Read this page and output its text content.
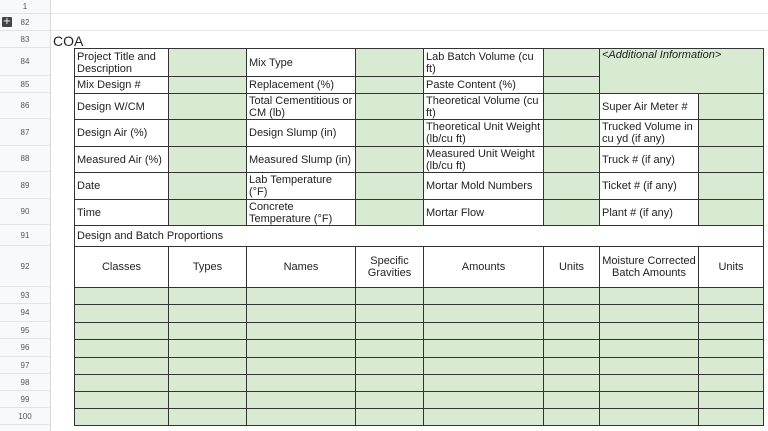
1
82
83
84
85
86
87
88
89
90
91
92
93
94
95
96
97
98
99
100
+
COA
Project Title and Description		Mix Type		Lab Batch Volume (cu ft)		<Additional Information>	
Mix Design #		Replacement (%)		Paste Content (%)			
Design W/CM		Total Cementitious or CM (lb)		Theoretical Volume (cu ft)		Super Air Meter #	
Design Air (%)		Design Slump (in)		Theoretical Unit Weight (lb/cu ft)		Trucked Volume in cu yd (if any)	
Measured Air (%)		Measured Slump (in)		Measured Unit Weight (lb/cu ft)		Truck # (if any)	
Date		Lab Temperature (°F)		Mortar Mold Numbers		Ticket # (if any)	
Time		Concrete Temperature (°F)		Mortar Flow		Plant # (if any)	
Design and Batch Proportions							
Classes	Types	Names	Specific Gravities	Amounts	Units	Moisture Corrected Batch Amounts	Units
